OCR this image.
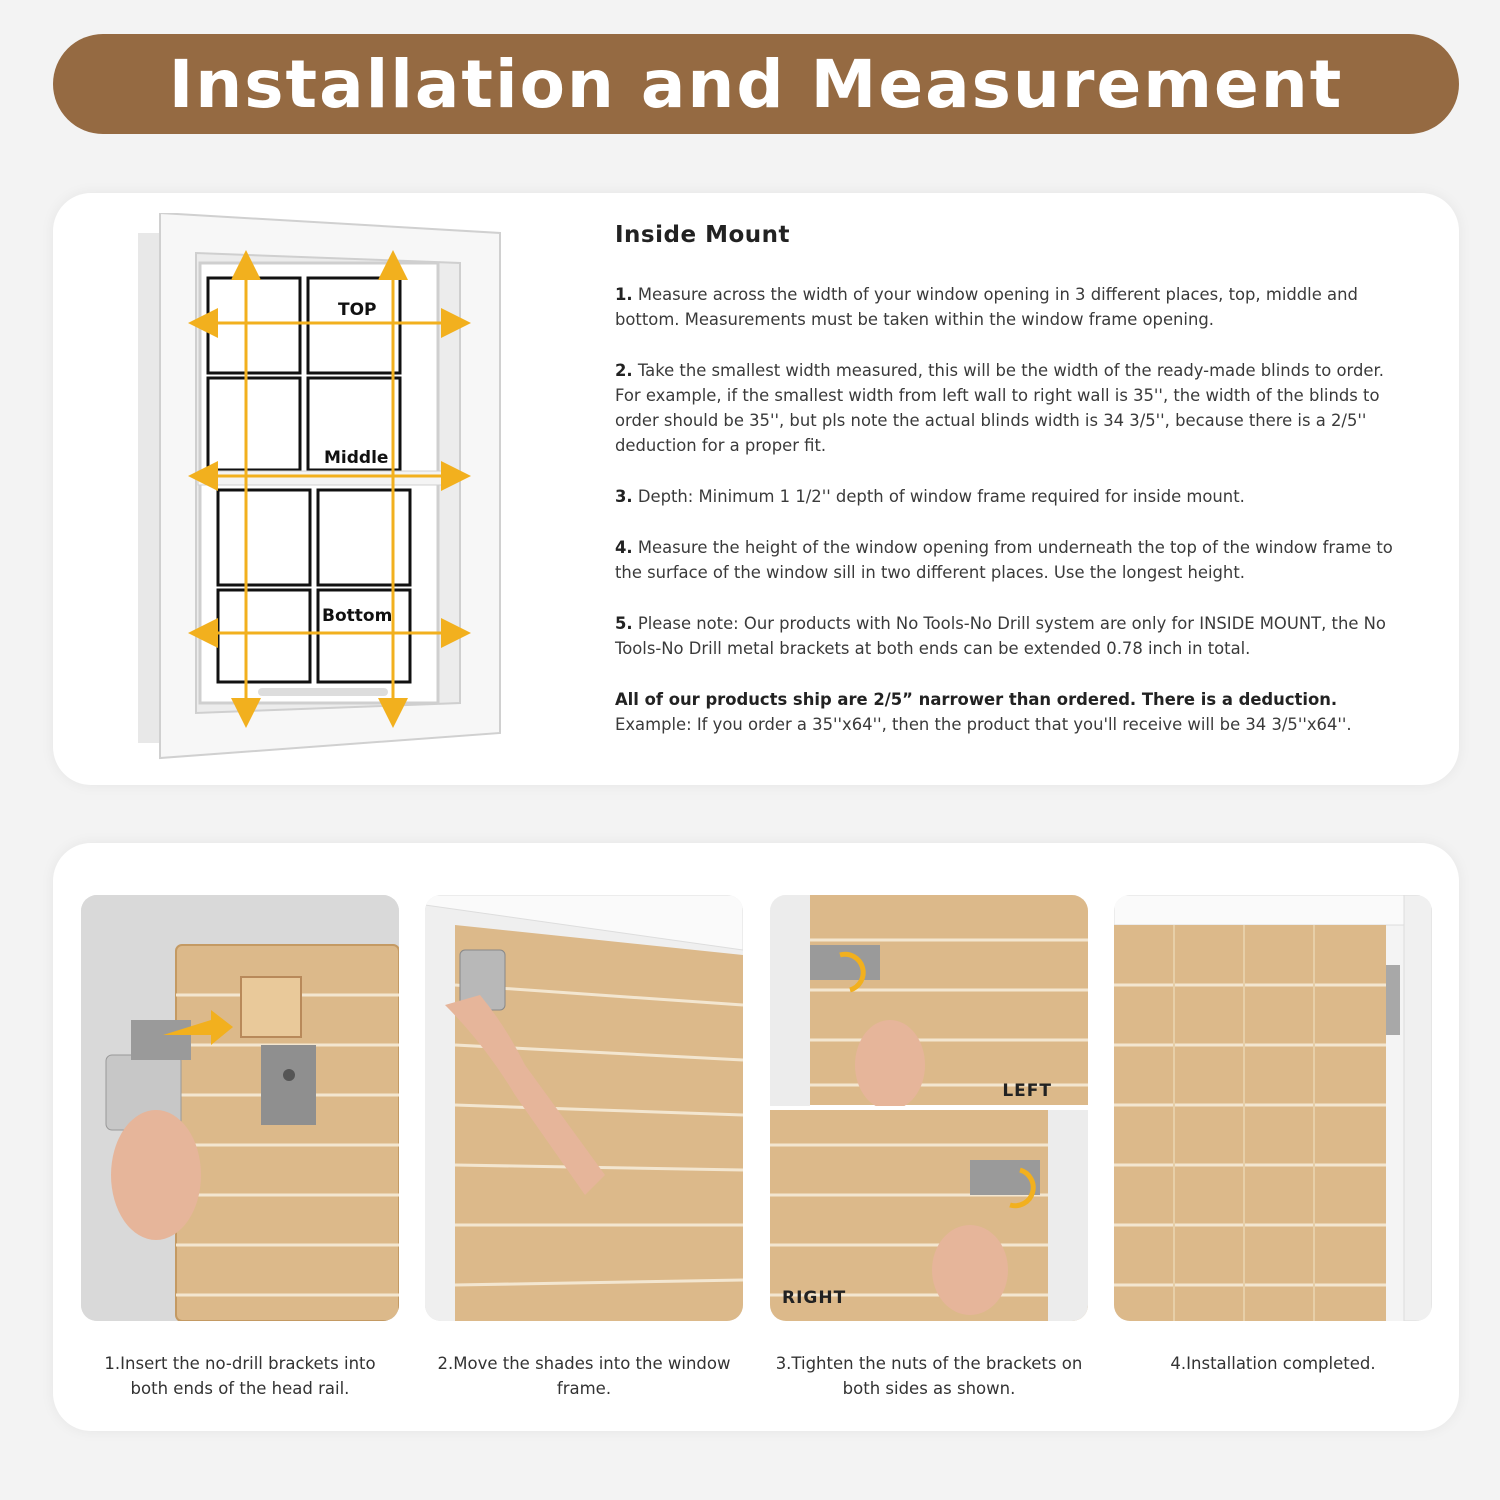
Installation and Measurement
TOP
Middle
Bottom
Inside Mount

1. Measure across the width of your window opening in 3 different places, top, middle and bottom. Measurements must be taken within the window frame opening.

2. Take the smallest width measured, this will be the width of the ready-made blinds to order. For example, if the smallest width from left wall to right wall is 35'', the width of the blinds to order should be 35'', but pls note the actual blinds width is 34 3/5'', because there is a 2/5'' deduction for a proper fit.

3. Depth: Minimum 1 1/2'' depth of window frame required for inside mount.

4. Measure the height of the window opening from underneath the top of the window frame to the surface of the window sill in two different places. Use the longest height.

5. Please note: Our products with No Tools-No Drill system are only for INSIDE MOUNT, the No Tools-No Drill metal brackets at both ends can be extended 0.78 inch in total.

All of our products ship are 2/5” narrower than ordered. There is a deduction.
Example: If you order a 35''x64'', then the product that you'll receive will be 34 3/5''x64''.

1.Insert the no-drill brackets into both ends of the head rail.
2.Move the shades into the window frame.
LEFT
RIGHT
3.Tighten the nuts of the brackets on both sides as shown.
4.Installation completed.
